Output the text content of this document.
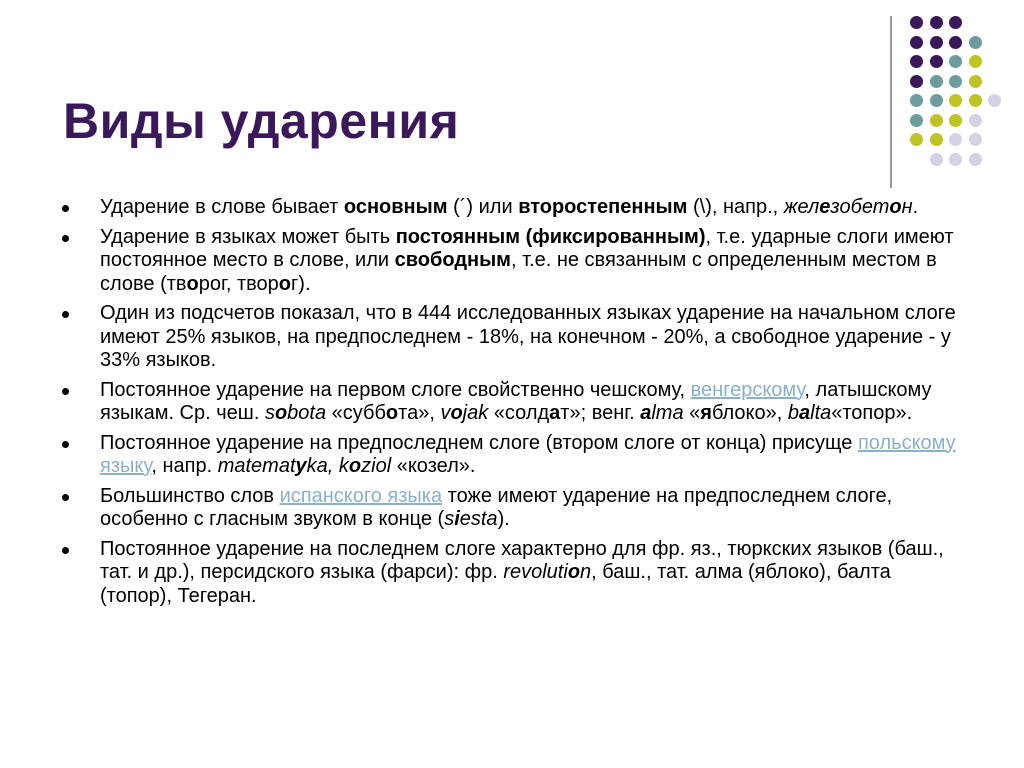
Виды ударения
Ударение в слове бывает основным (´) или второстепенным (\), напр., железобетон.
Ударение в языках может быть постоянным (фиксированным), т.е. ударные слоги имеют постоянное место в слове, или свободным, т.е. не связанным с определенным местом в слове (творог, творог).
Один из подсчетов показал, что в 444 исследованных языках ударение на начальном слоге имеют 25% языков, на предпоследнем - 18%, на конечном - 20%, а свободное ударение - у 33% языков.
Постоянное ударение на первом слоге свойственно чешскому, венгерскому, латышскому языкам. Ср. чеш. sobota «суббота», vojak «солдат»; венг. alma «яблоко», balta«топор».
Постоянное ударение на предпоследнем слоге (втором слоге от конца) присуще польскому языку, напр. matematyka, koziol «козел».
Большинство слов испанского языка тоже имеют ударение на предпоследнем слоге, особенно с гласным звуком в конце (siesta).
Постоянное ударение на последнем слоге характерно для фр. яз., тюркских языков (баш., тат. и др.), персидского языка (фарси): фр. revolution, баш., тат. алма (яблоко), балта (топор), Тегеран.
